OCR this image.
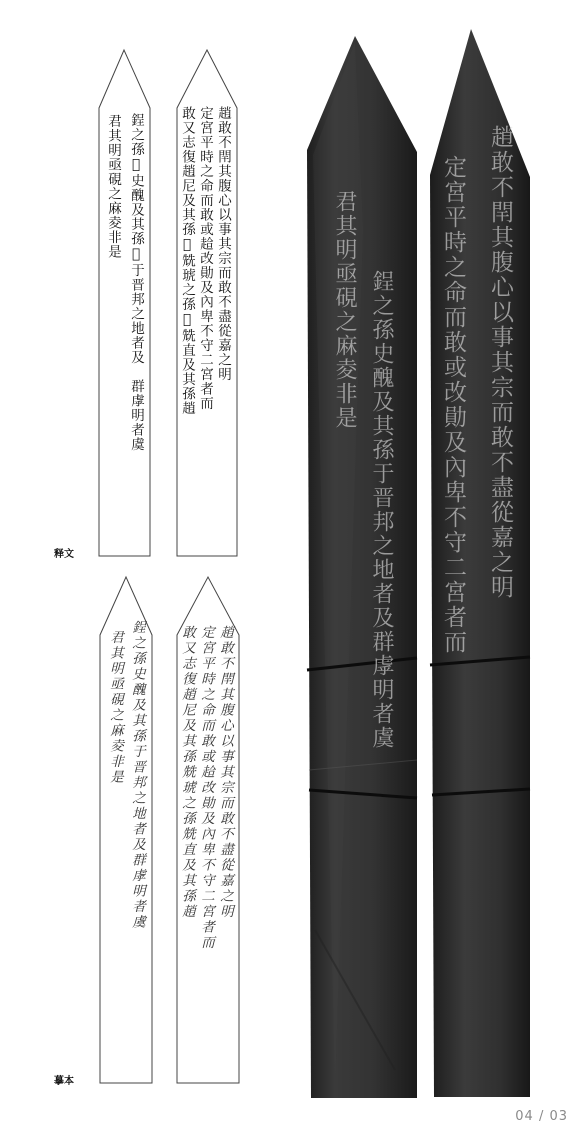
鋥之孫𫕈史醜及其孫𫕈于晋邦之地者及　群虖明者虞
君其明亟硯之麻夌非是	趙敢不閈其腹心以事其宗而敢不盡從嘉之明
定宮平時之命而敢或䞩改勛及內卑不守二宮者而
敢又志復趙尼及其孫𫕈兟琥之孫𫕈兟直及其孫趙
释文
鋥之孫史醜及其孫于晋邦之地者及群虖明者虞
君其明亟硯之麻夌非是	趙敢不閈其腹心以事其宗而敢不盡從嘉之明
定宮平時之命而敢或䞩改勛及內卑不守二宮者而
敢又志復趙尼及其孫兟琥之孫兟直及其孫趙
摹本
君其明亟硯之麻夌非是 鋥之孫史醜及其孫于晋邦之地者及群虖明者虞 定宮平時之命而敢或改勛及內卑不守二宮者而 趙敢不閈其腹心以事其宗而敢不盡從嘉之明
04 / 03
